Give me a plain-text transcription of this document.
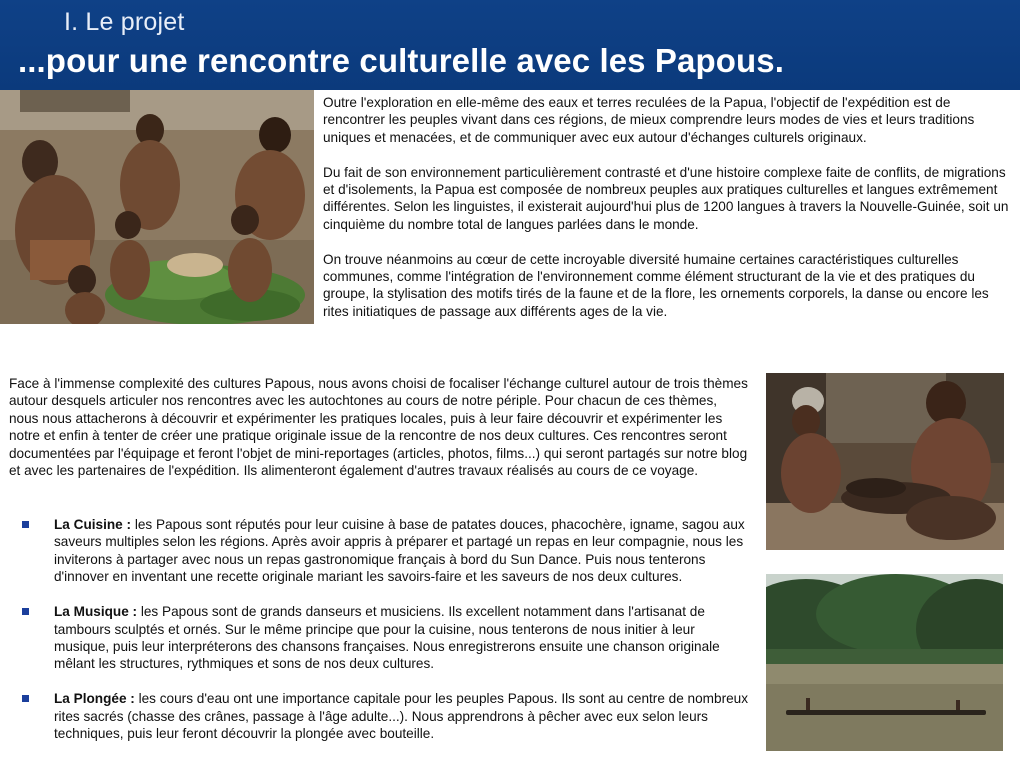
I. Le projet
...pour une rencontre culturelle avec les Papous.

Outre l'exploration en elle-même des eaux et terres reculées de la Papua, l'objectif de l'expédition est de rencontrer les peuples vivant dans ces régions, de mieux comprendre leurs modes de vies et leurs traditions uniques et menacées, et de communiquer avec eux autour d'échanges culturels originaux.

Du fait de son environnement particulièrement contrasté et d'une histoire complexe faite de conflits, de migrations et d'isolements, la Papua est composée de nombreux peuples aux pratiques culturelles et langues extrêmement différentes. Selon les linguistes, il existerait aujourd'hui plus de 1200 langues à travers la Nouvelle-Guinée, soit un cinquième du nombre total de langues parlées dans le monde.

On trouve néanmoins au cœur de cette incroyable diversité humaine certaines caractéristiques culturelles communes, comme l'intégration de l'environnement comme élément structurant de la vie et des pratiques du groupe, la stylisation des motifs tirés de la faune et de la flore, les ornements corporels, la danse ou encore les rites initiatiques de passage aux différents ages de la vie.

Face à l'immense complexité des cultures Papous, nous avons choisi de focaliser l'échange culturel autour de trois thèmes autour desquels articuler nos rencontres avec les autochtones au cours de notre périple. Pour chacun de ces thèmes, nous nous attacherons à découvrir et expérimenter les pratiques locales, puis à leur faire découvrir et expérimenter les notre et enfin à tenter de créer une pratique originale issue de la rencontre de nos deux cultures. Ces rencontres seront documentées par l'équipage et feront l'objet de mini-reportages (articles, photos, films...) qui seront partagés sur notre blog et avec les partenaires de l'expédition. Ils alimenteront également d'autres travaux réalisés au cours de ce voyage.
La Cuisine : les Papous sont réputés pour leur cuisine à base de patates douces, phacochère, igname, sagou aux saveurs multiples selon les régions. Après avoir appris à préparer et partagé un repas en leur compagnie, nous les inviterons à partager avec nous un repas gastronomique français à bord du Sun Dance. Puis nous tenterons d'innover en inventant une recette originale mariant les savoirs-faire et les saveurs de nos deux cultures.
La Musique : les Papous sont de grands danseurs et musiciens. Ils excellent notamment dans l'artisanat de tambours sculptés et ornés. Sur le même principe que pour la cuisine, nous tenterons de nous initier à leur musique, puis leur interpréterons des chansons françaises. Nous enregistrerons ensuite une chanson originale mêlant les structures, rythmiques et sons de nos deux cultures.
La Plongée : les cours d'eau ont une importance capitale pour les peuples Papous. Ils sont au centre de nombreux rites sacrés (chasse des crânes, passage à l'âge adulte...). Nous apprendrons à pêcher avec eux selon leurs techniques, puis leur feront découvrir la plongée avec bouteille.
